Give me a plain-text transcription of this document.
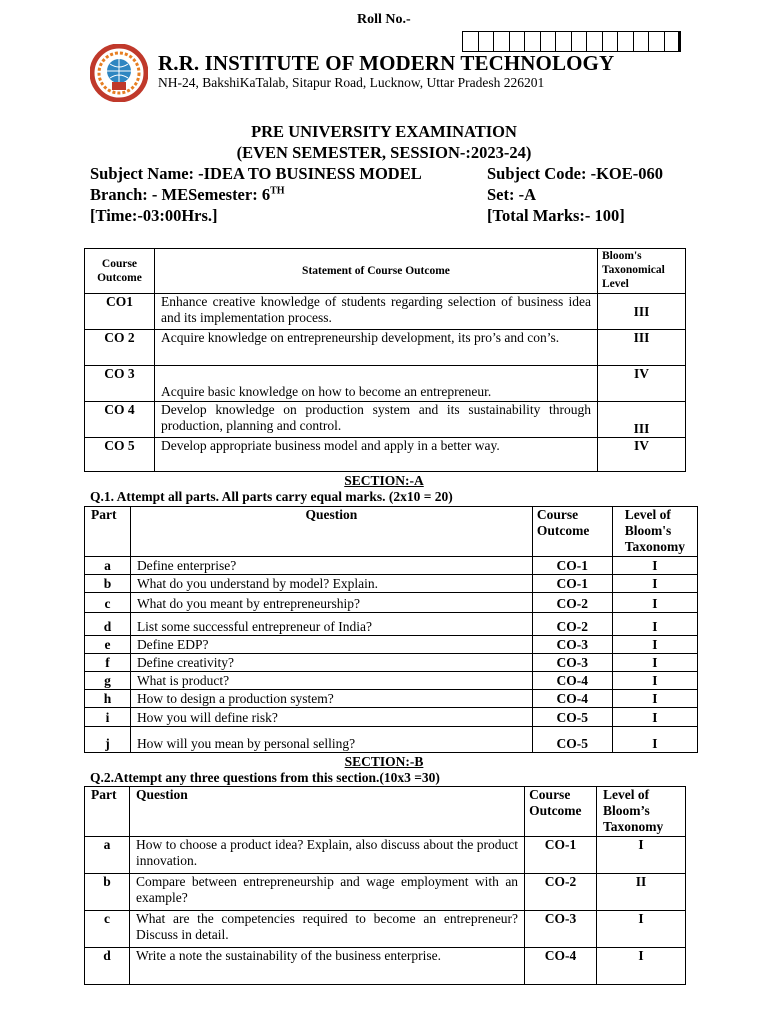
Roll No.-
R.R. INSTITUTE OF MODERN TECHNOLOGY
NH-24, BakshiKaTalab, Sitapur Road, Lucknow, Uttar Pradesh 226201
PRE UNIVERSITY EXAMINATION
(EVEN SEMESTER, SESSION-:2023-24)
Subject Name: -IDEA TO BUSINESS MODEL	Subject Code: -KOE-060
Branch: - MESemester: 6TH	Set: -A
[Time:-03:00Hrs.]	[Total Marks:- 100]
Course Outcome	Statement of Course Outcome	Bloom's Taxonomical Level
CO1	Enhance creative knowledge of students regarding selection of business idea and its implementation process.	III
CO 2	Acquire knowledge on entrepreneurship development, its pro’s and con’s.	III
CO 3	Acquire basic knowledge on how to become an entrepreneur.	IV
CO 4	Develop knowledge on production system and its sustainability through production, planning and control.	III
CO 5	Develop appropriate business model and apply in a better way.	IV
SECTION:-A
Q.1. Attempt all parts. All parts carry equal marks. (2x10 = 20)
Part	Question	Course Outcome	Level of Bloom's Taxonomy
a	Define enterprise?	CO-1	I
b	What do you understand by model? Explain.	CO-1	I
c	What do you meant by entrepreneurship?	CO-2	I
d	List some successful entrepreneur of India?	CO-2	I
e	Define EDP?	CO-3	I
f	Define creativity?	CO-3	I
g	What is product?	CO-4	I
h	How to design a production system?	CO-4	I
i	How you will define risk?	CO-5	I
j	How will you mean by personal selling?	CO-5	I
SECTION:-B
Q.2.Attempt any three questions from this section.(10x3 =30)
Part	Question	Course Outcome	Level of Bloom’s Taxonomy
a	How to choose a product idea? Explain, also discuss about the product innovation.	CO-1	I
b	Compare between entrepreneurship and wage employment with an example?	CO-2	II
c	What are the competencies required to become an entrepreneur? Discuss in detail.	CO-3	I
d	Write a note the sustainability of the business enterprise.	CO-4	I
